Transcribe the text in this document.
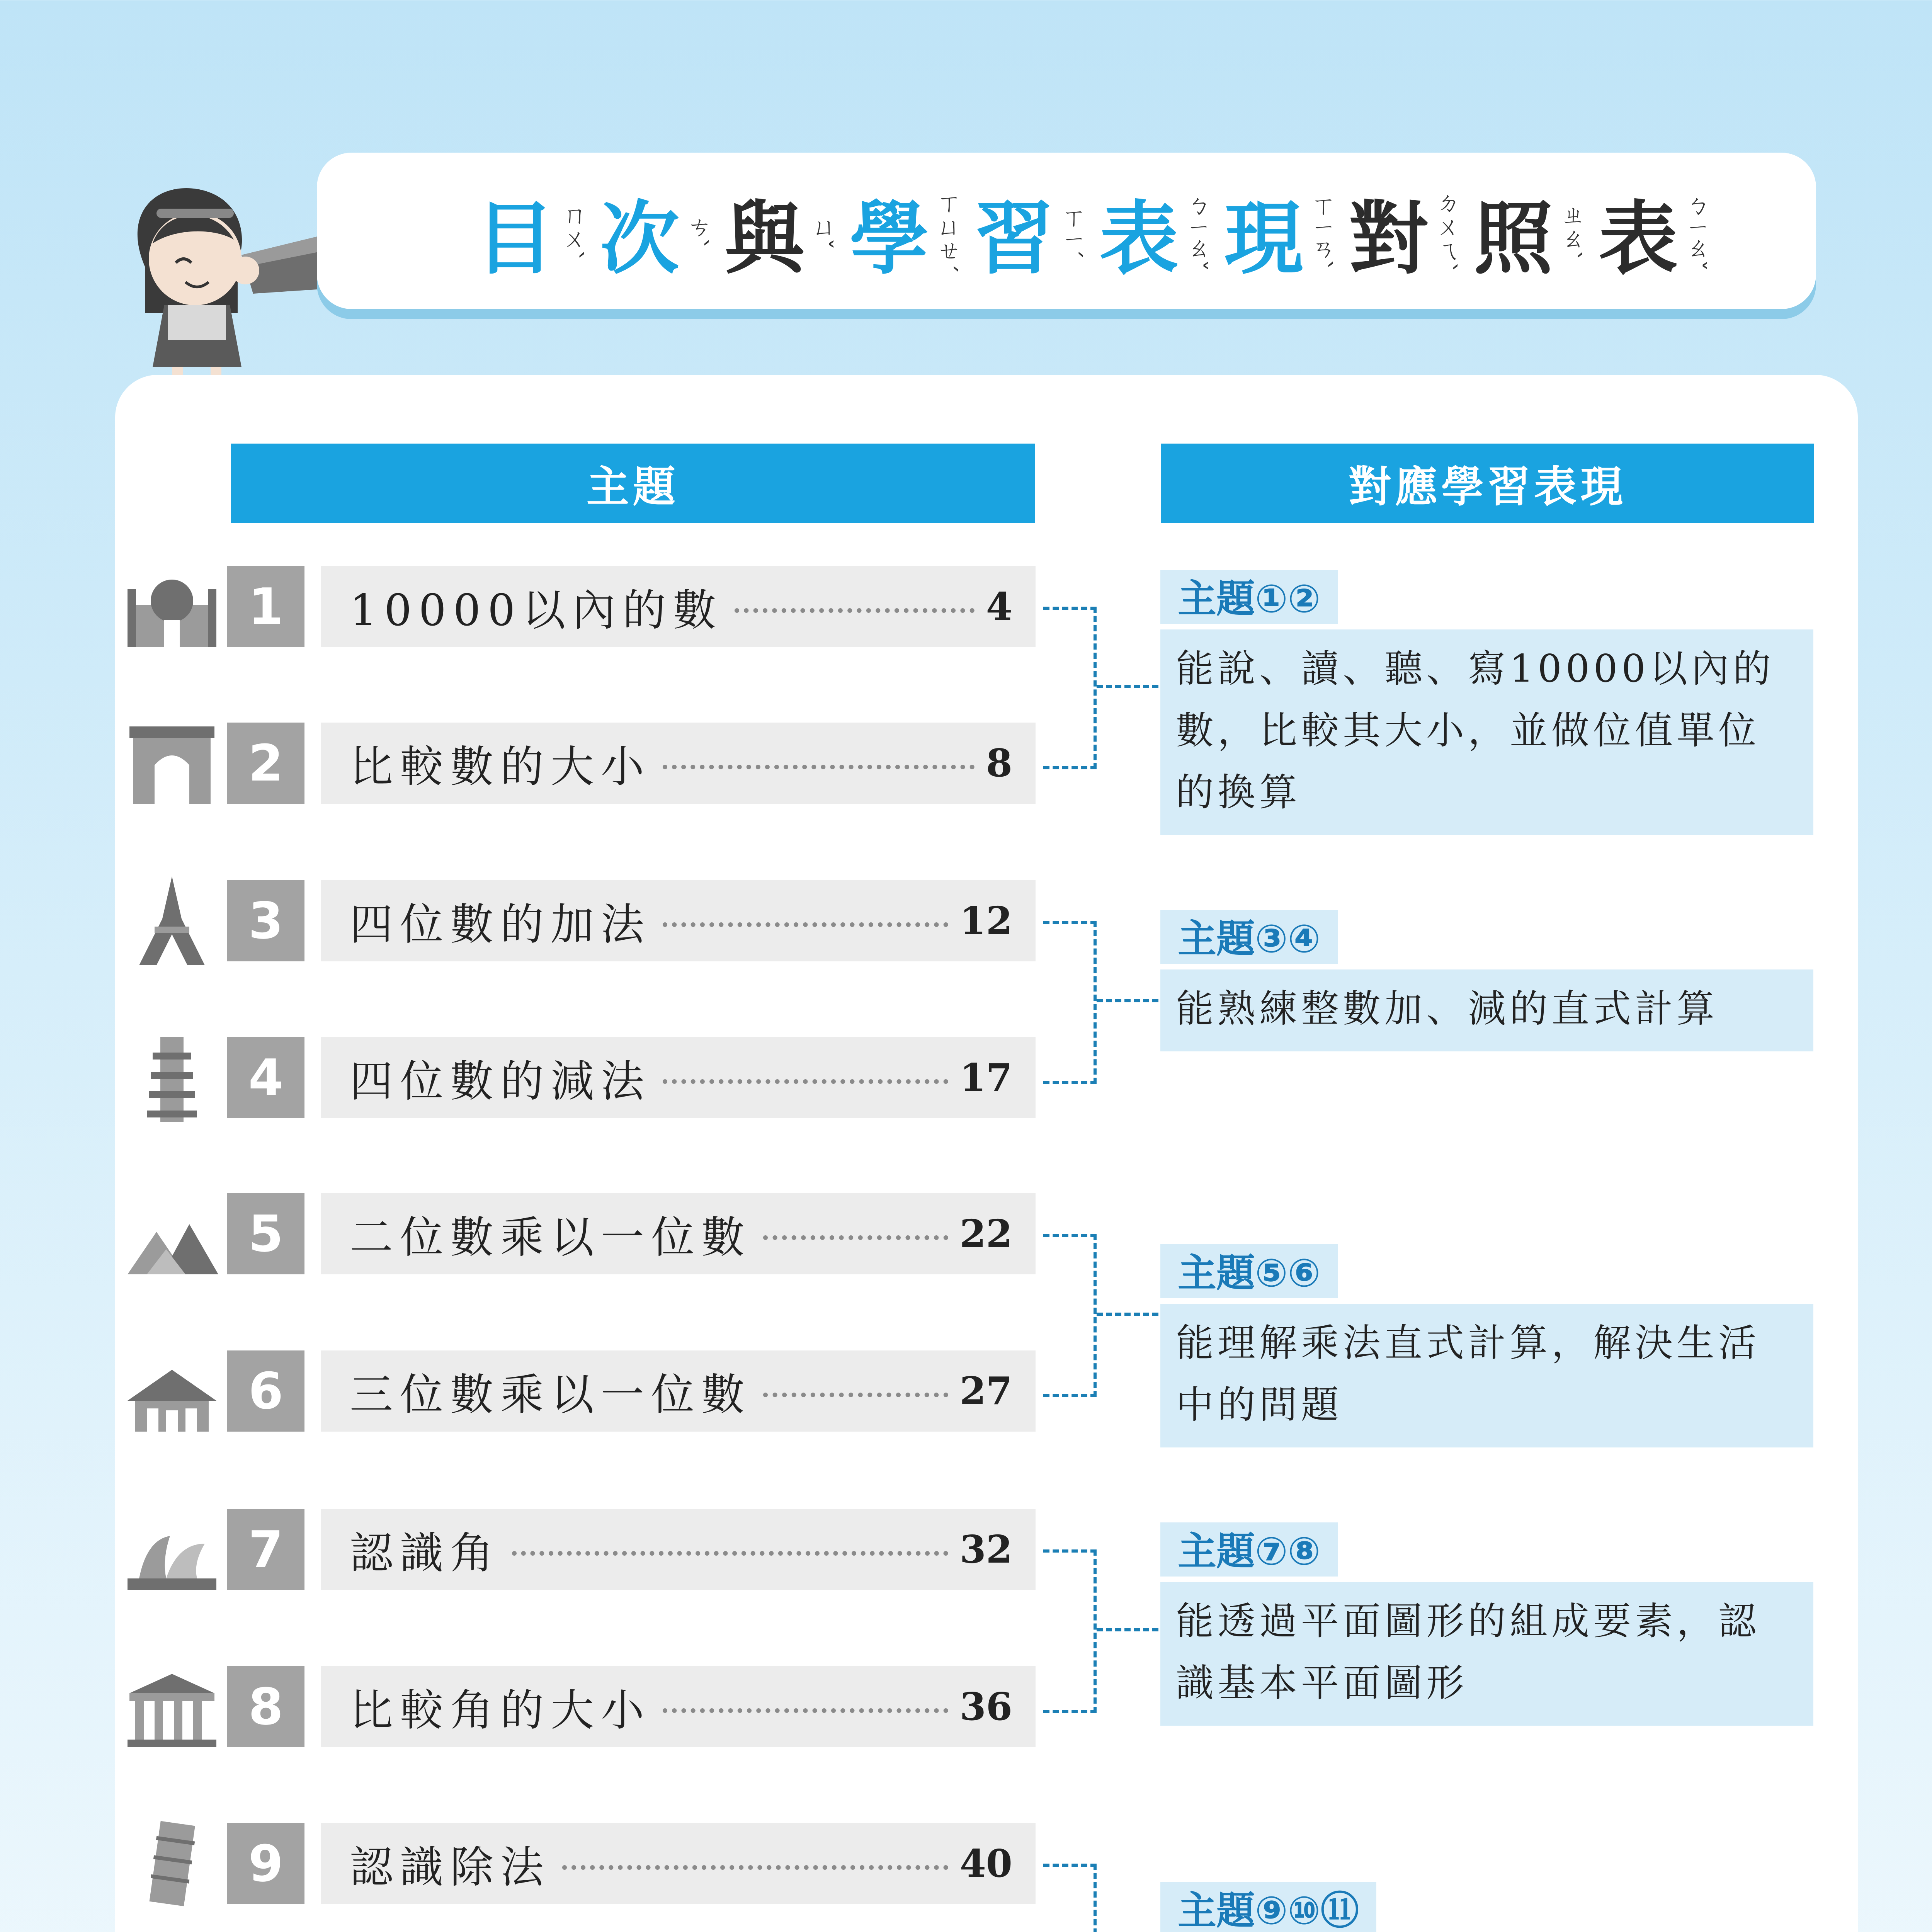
目 ㄇㄨˋ 次 ㄘˋ 與 ㄩˇ 學 ㄒㄩㄝˊ 習 ㄒㄧˊ 表 ㄅㄧㄠˇ 現 ㄒㄧㄢˋ 對 ㄉㄨㄟˋ 照 ㄓㄠˋ 表 ㄅㄧㄠˇ
主題	對應學習表現
1	10000以內的數	4
2	比較數的大小	8
3	四位數的加法	12
4	四位數的減法	17
5	二位數乘以一位數	22
6	三位數乘以一位數	27
7	認識角	32
8	比較角的大小	36
9	認識除法	40
主題①②
能說、讀、聽、寫10000以內的數，比較其大小，並做位值單位的換算
主題③④
能熟練整數加、減的直式計算
主題⑤⑥
能理解乘法直式計算，解決生活中的問題
主題⑦⑧
能透過平面圖形的組成要素，認識基本平面圖形
主題⑨⑩⑪
